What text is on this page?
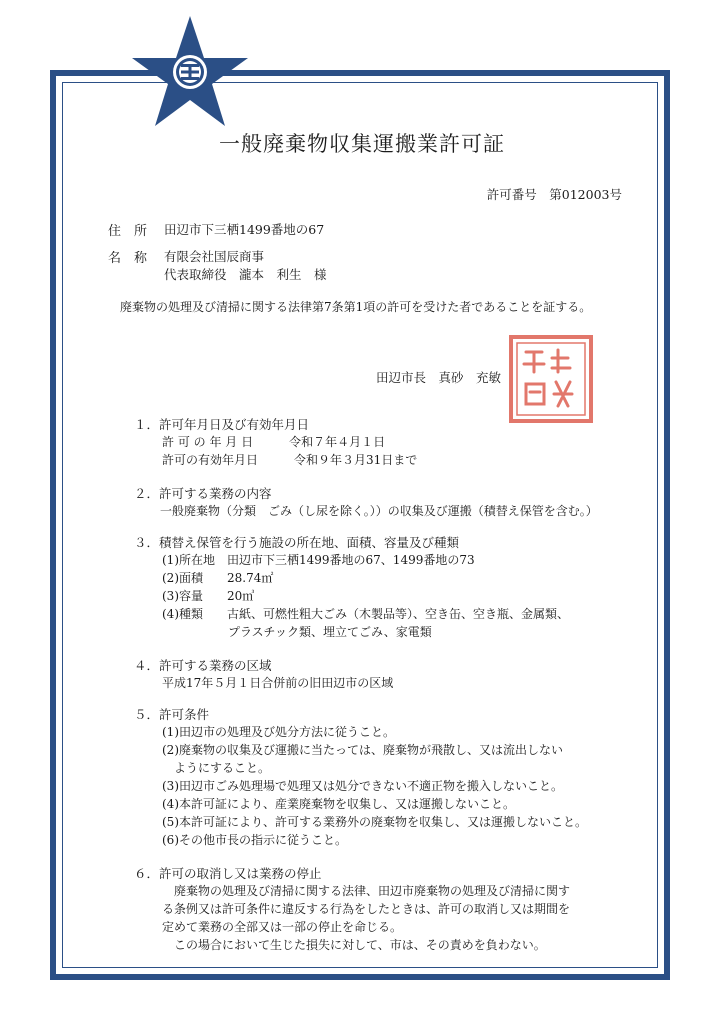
一般廃棄物収集運搬業許可証
許可番号　第012003号
住　所 田辺市下三栖1499番地の67
名　称 有限会社国辰商事
代表取締役　瀧本　利生　様
廃棄物の処理及び清掃に関する法律第7条第1項の許可を受けた者であることを証する。
田辺市長　真砂　充敏
１．許可年月日及び有効年月日
許 可 の 年 月 日　　　令和７年４月１日
許可の有効年月日　　　令和９年３月31日まで
２．許可する業務の内容
一般廃棄物（分類　ごみ（し尿を除く。））の収集及び運搬（積替え保管を含む。）
３．積替え保管を行う施設の所在地、面積、容量及び種類
(1)所在地　田辺市下三栖1499番地の67、1499番地の73
(2)面積　　28.74㎡
(3)容量　　20㎥
(4)種類　　古紙、可燃性粗大ごみ（木製品等）、空き缶、空き瓶、金属類、
プラスチック類、埋立てごみ、家電類
４．許可する業務の区域
平成17年５月１日合併前の旧田辺市の区域
５．許可条件
(1)田辺市の処理及び処分方法に従うこと。
(2)廃棄物の収集及び運搬に当たっては、廃棄物が飛散し、又は流出しない
ようにすること。
(3)田辺市ごみ処理場で処理又は処分できない不適正物を搬入しないこと。
(4)本許可証により、産業廃棄物を収集し、又は運搬しないこと。
(5)本許可証により、許可する業務外の廃棄物を収集し、又は運搬しないこと。
(6)その他市長の指示に従うこと。
６．許可の取消し又は業務の停止
廃棄物の処理及び清掃に関する法律、田辺市廃棄物の処理及び清掃に関す
る条例又は許可条件に違反する行為をしたときは、許可の取消し又は期間を
定めて業務の全部又は一部の停止を命じる。
この場合において生じた損失に対して、市は、その責めを負わない。
